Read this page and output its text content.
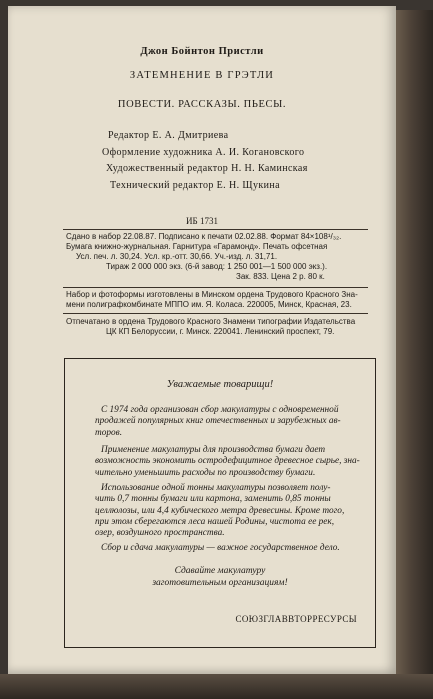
Джон Бойнтон Пристли
ЗАТЕМНЕНИЕ В ГРЭТЛИ
ПОВЕСТИ. РАССКАЗЫ. ПЬЕСЫ.
Редактор Е. А. Дмитриева
Оформление художника А. И. Когановского
Художественный редактор Н. Н. Каминская
Технический редактор Е. Н. Щукина
ИБ 1731
Сдано в набор 22.08.87. Подписано к печати 02.02.88. Формат 84×108¹/₃₂.
Бумага книжно-журнальная. Гарнитура «Гарамонд». Печать офсетная
Усл. печ. л. 30,24. Усл. кр.-отт. 30,66. Уч.-изд. л. 31,71.
Тираж 2 000 000 экз. (6-й завод: 1 250 001—1 500 000 экз.).
Зак. 833. Цена 2 р. 80 к.
Набор и фотоформы изготовлены в Минском ордена Трудового Красного Зна-
мени полиграфкомбинате МППО им. Я. Коласа. 220005, Минск, Красная, 23.
Отпечатано в ордена Трудового Красного Знамени типографии Издательства
ЦК КП Белоруссии, г. Минск. 220041. Ленинский проспект, 79.
Уважаемые товарищи!
С 1974 года организован сбор макулатуры с одновременной
продажей популярных книг отечественных и зарубежных ав-
торов.
Применение макулатуры для производства бумаги дает
возможность экономить остродефицитное древесное сырье, зна-
чительно уменьшить расходы по производству бумаги.
Использование одной тонны макулатуры позволяет полу-
чить 0,7 тонны бумаги или картона, заменить 0,85 тонны
целлюлозы, или 4,4 кубического метра древесины. Кроме того,
при этом сберегаются леса нашей Родины, чистота ее рек,
озер, воздушного пространства.
Сбор и сдача макулатуры — важное государственное дело.
Сдавайте макулатуру
заготовительным организациям!
СОЮЗГЛАВВТОРРЕСУРСЫ
